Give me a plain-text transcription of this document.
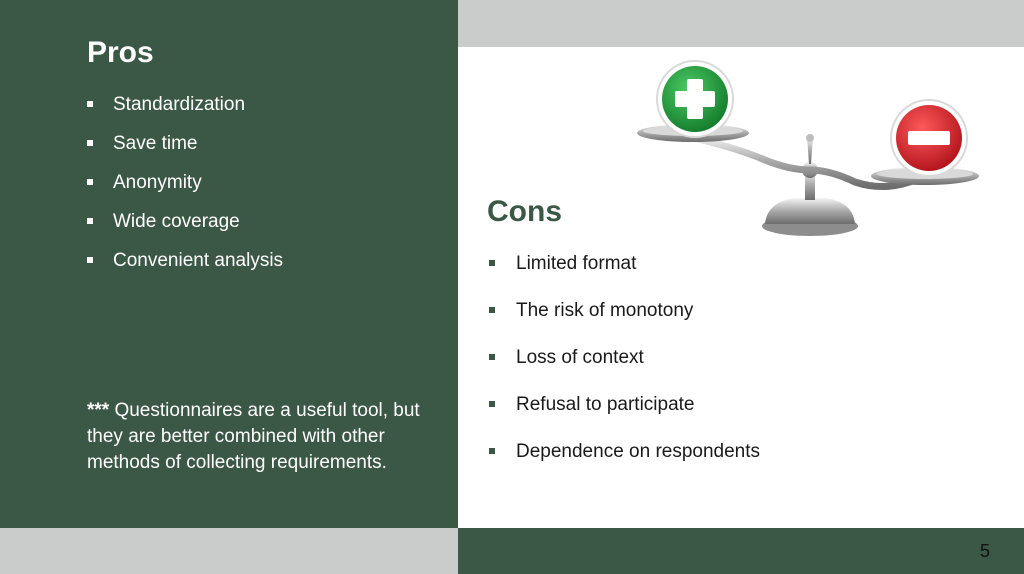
Pros
Standardization
Save time
Anonymity
Wide coverage
Convenient analysis

*** Questionnaires are a useful tool, but they are better combined with other methods of collecting requirements.

Cons
Limited format
The risk of monotony
Loss of context
Refusal to participate
Dependence on respondents
5
